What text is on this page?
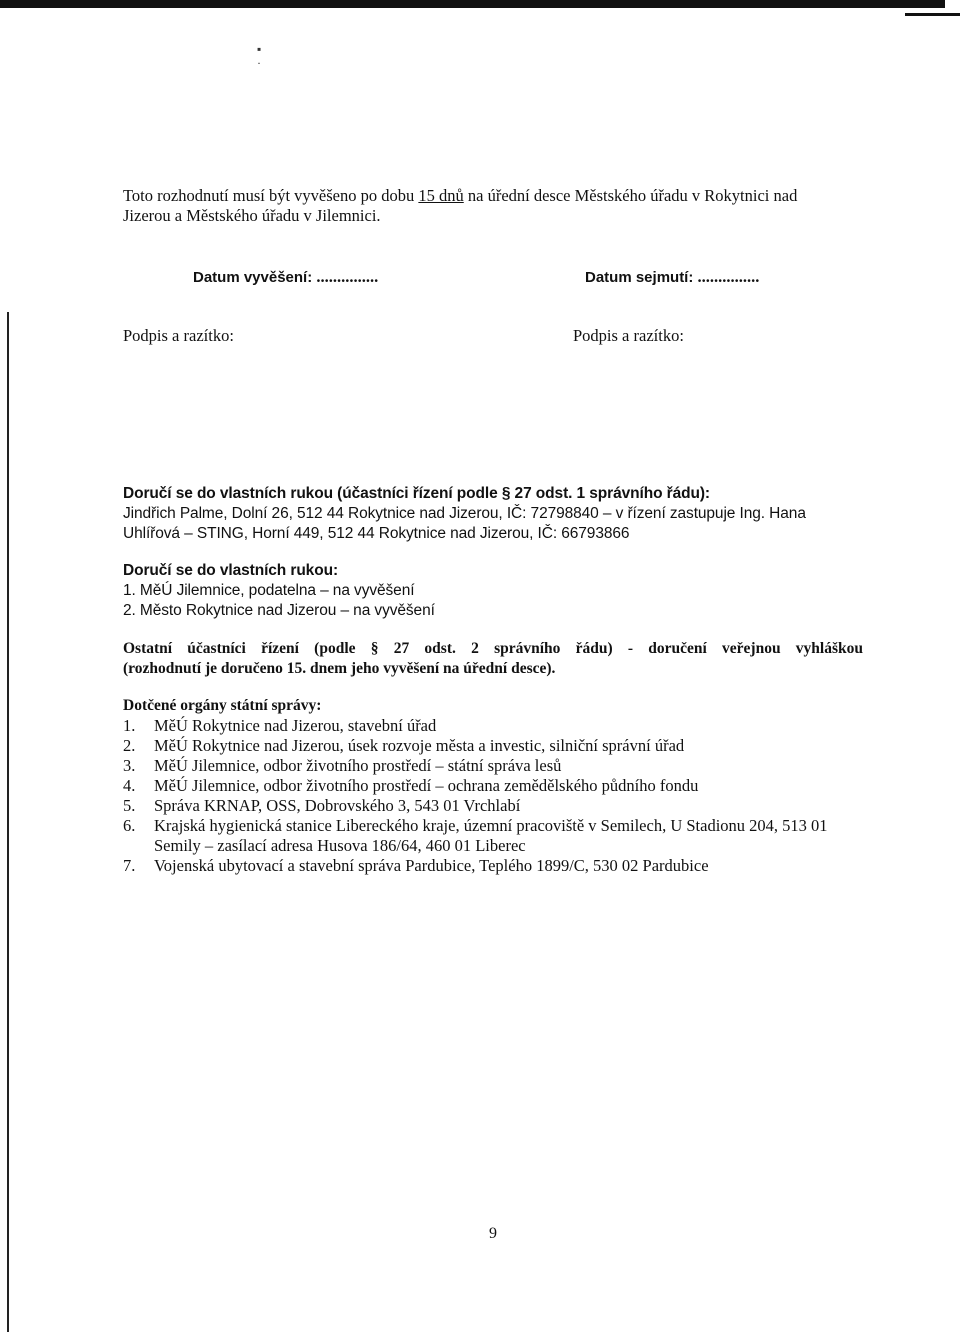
▪
·

Toto rozhodnutí musí být vyvěšeno po dobu 15 dnů na úřední desce Městského úřadu v Rokytnici nad
Jizerou a Městského úřadu v Jilemnici.

Datum vyvěšení: ...............	Datum sejmutí: ...............
Podpis a razítko:	Podpis a razítko:
Doručí se do vlastních rukou (účastníci řízení podle § 27 odst. 1 správního řádu):
Jindřich Palme, Dolní 26, 512 44 Rokytnice nad Jizerou, IČ: 72798840 – v řízení zastupuje Ing. Hana
Uhlířová – STING, Horní 449, 512 44 Rokytnice nad Jizerou, IČ: 66793866
Doručí se do vlastních rukou:
1. MěÚ Jilemnice, podatelna – na vyvěšení
2. Město Rokytnice nad Jizerou – na vyvěšení
Ostatní účastníci řízení (podle § 27 odst. 2 správního řádu) - doručení veřejnou vyhláškou
(rozhodnutí je doručeno 15. dnem jeho vyvěšení na úřední desce).
Dotčené orgány státní správy:
1.	MěÚ Rokytnice nad Jizerou, stavební úřad
2.	MěÚ Rokytnice nad Jizerou, úsek rozvoje města a investic, silniční správní úřad
3.	MěÚ Jilemnice, odbor životního prostředí – státní správa lesů
4.	MěÚ Jilemnice, odbor životního prostředí – ochrana zemědělského půdního fondu
5.	Správa KRNAP, OSS, Dobrovského 3, 543 01 Vrchlabí
6.	Krajská hygienická stanice Libereckého kraje, územní pracoviště v Semilech, U Stadionu 204, 513 01 Semily – zasílací adresa Husova 186/64, 460 01 Liberec
7.	Vojenská ubytovací a stavební správa Pardubice, Teplého 1899/C, 530 02 Pardubice
9
